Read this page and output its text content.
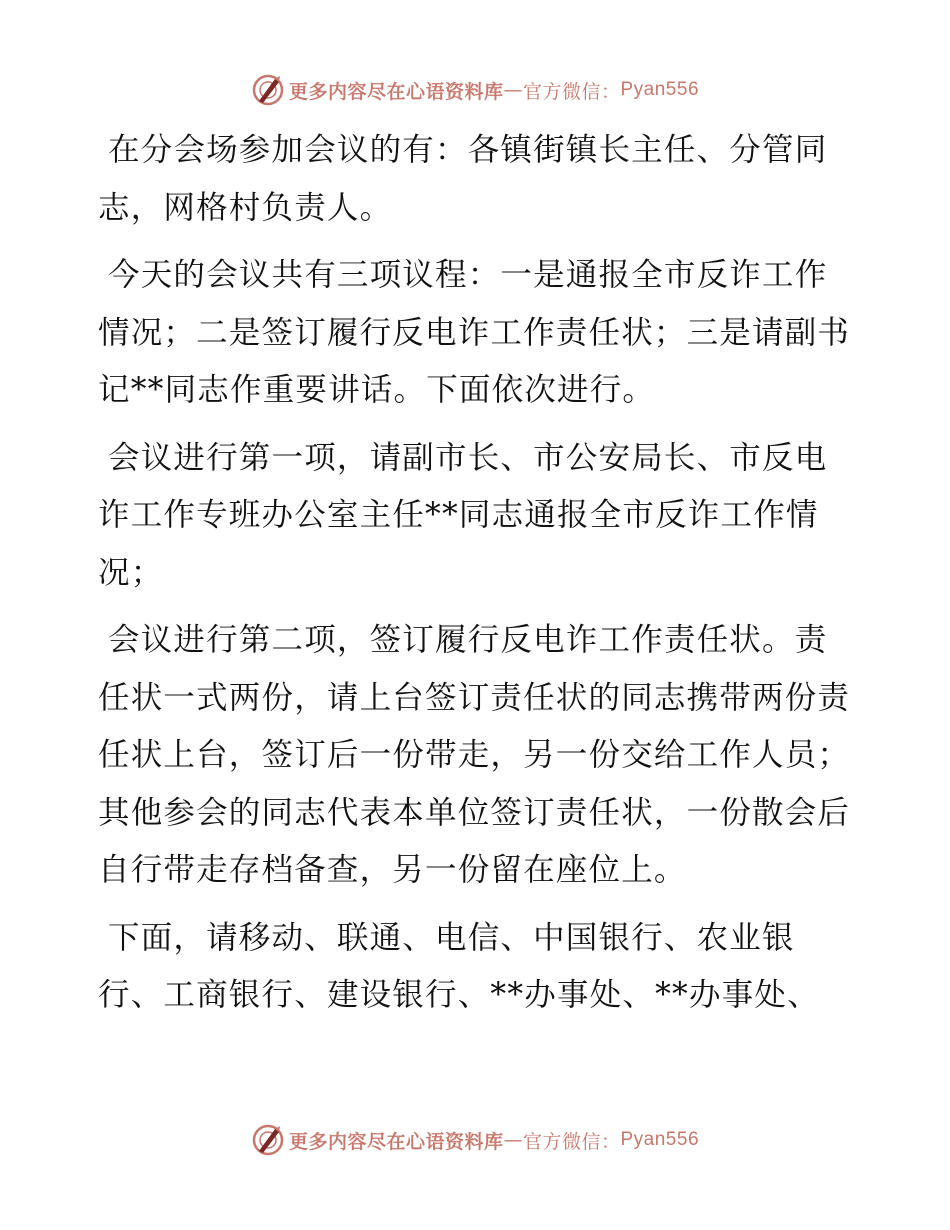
更多内容尽在心语资料库 — 官方微信： Pyan556

在分会场参加会议的有：各镇街镇长主任、分管同志，网格村负责人。

今天的会议共有三项议程：一是通报全市反诈工作情况；二是签订履行反电诈工作责任状；三是请副书记**同志作重要讲话。下面依次进行。

会议进行第一项，请副市长、市公安局长、市反电诈工作专班办公室主任**同志通报全市反诈工作情况；

会议进行第二项，签订履行反电诈工作责任状。责任状一式两份，请上台签订责任状的同志携带两份责任状上台，签订后一份带走，另一份交给工作人员；其他参会的同志代表本单位签订责任状，一份散会后自行带走存档备查，另一份留在座位上。

下面，请移动、联通、电信、中国银行、农业银行、工商银行、建设银行、**办事处、**办事处、

更多内容尽在心语资料库 — 官方微信： Pyan556
